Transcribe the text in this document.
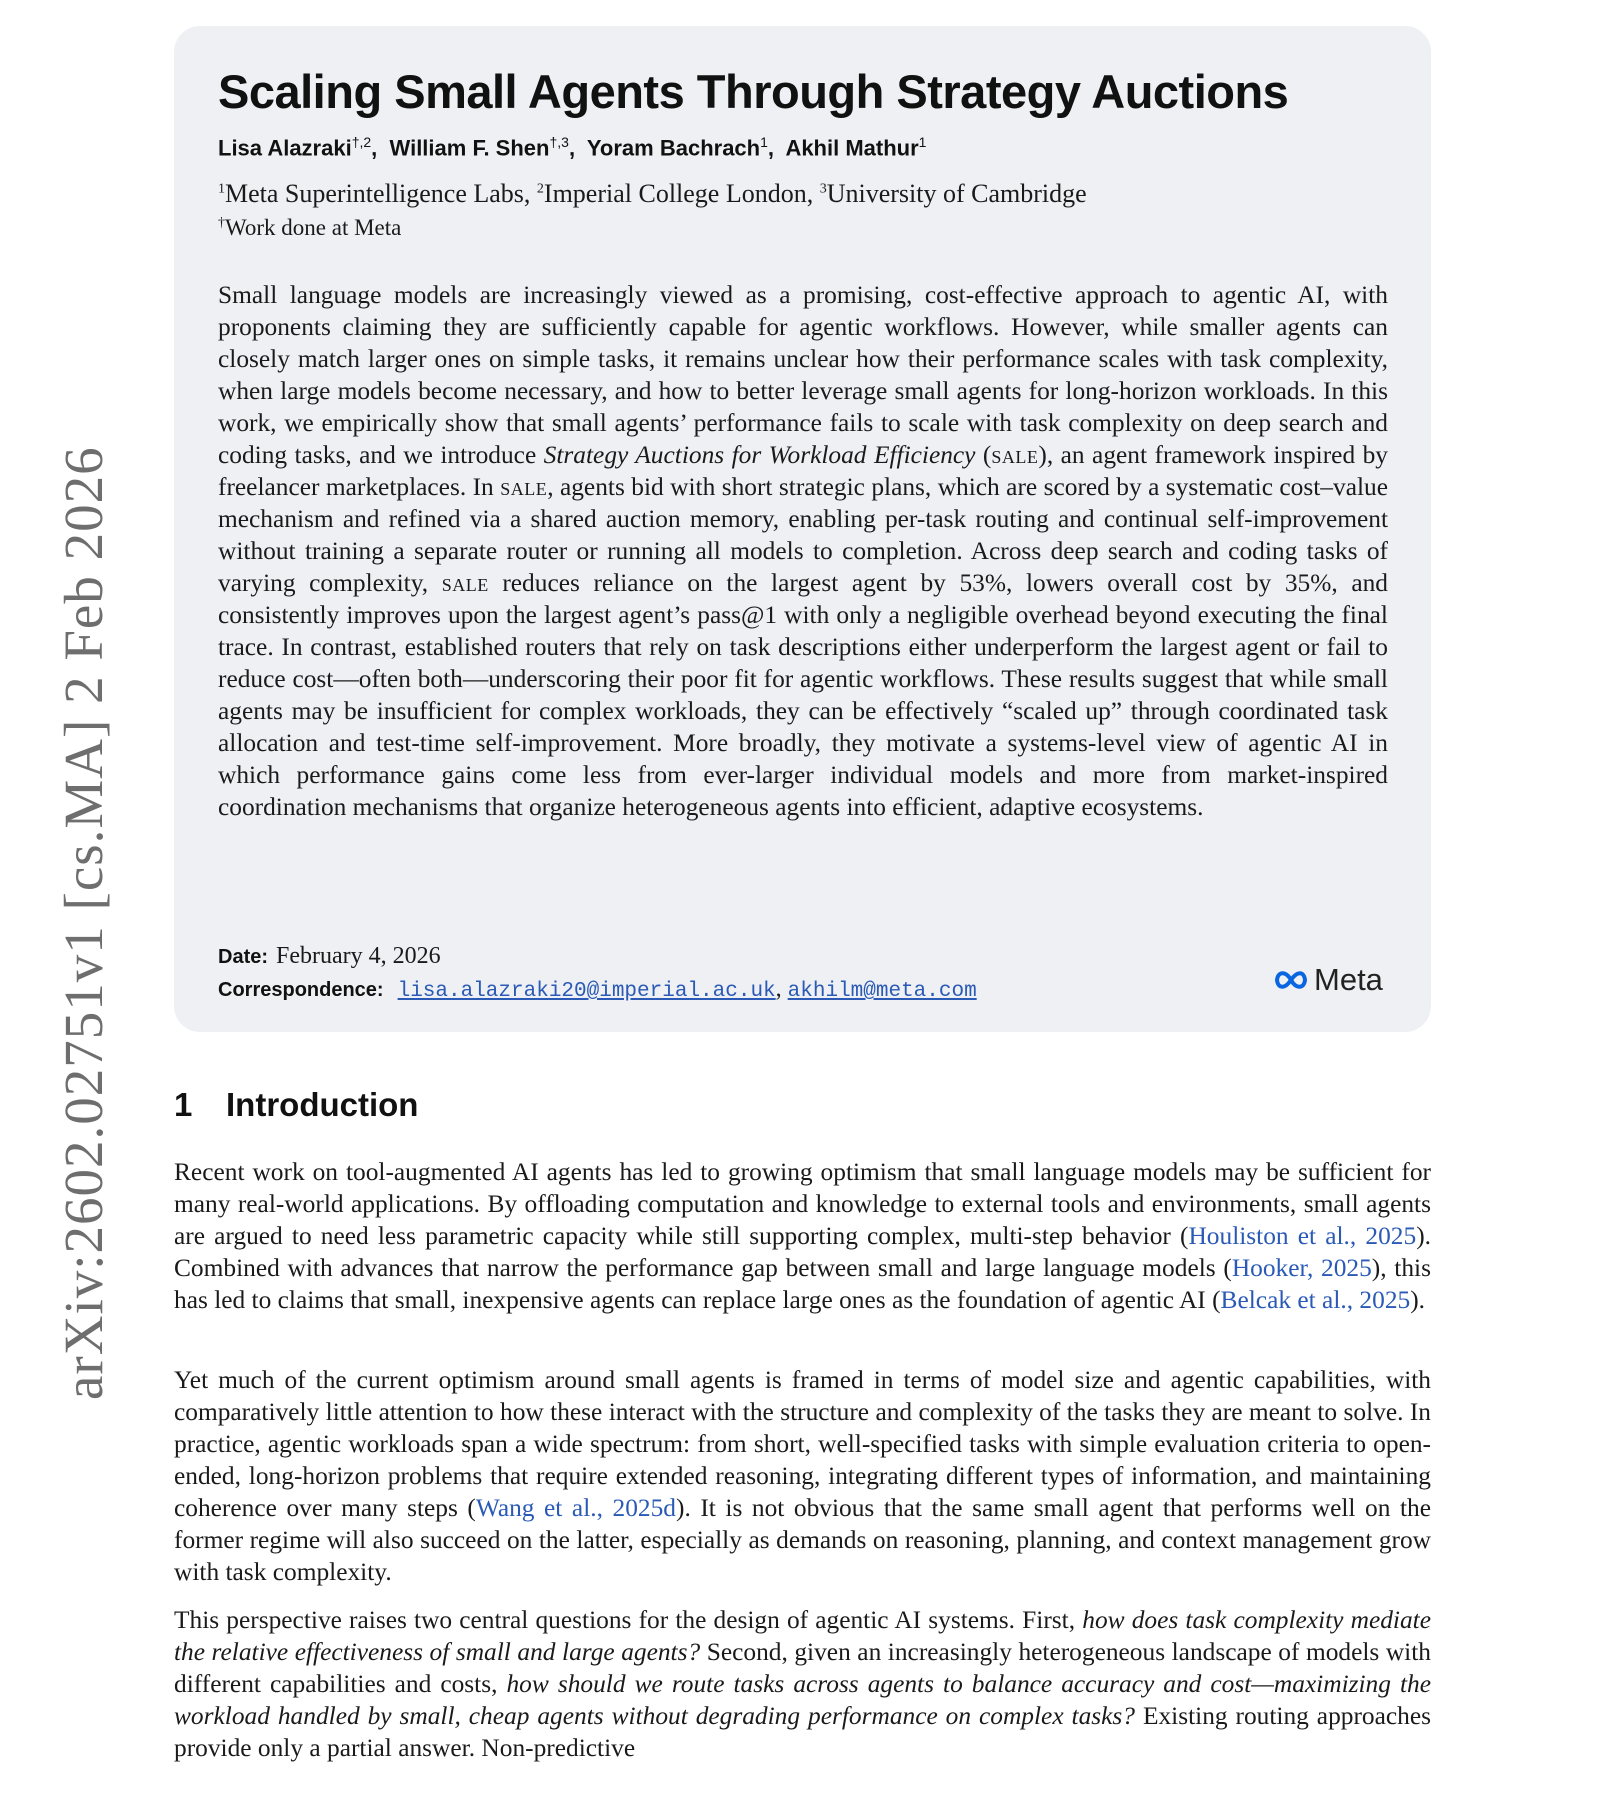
arXiv:2602.02751v1 [cs.MA] 2 Feb 2026
Scaling Small Agents Through Strategy Auctions
Lisa Alazraki$^{\dagger,2}$,  William F. Shen$^{\dagger,3}$,  Yoram Bachrach$^1$,  Akhil Mathur$^1$
$^1$Meta Superintelligence Labs, $^2$Imperial College London, $^3$University of Cambridge
†Work done at Meta
Small language models are increasingly viewed as a promising, cost-effective approach to agentic AI, with proponents claiming they are sufficiently capable for agentic workflows. However, while smaller agents can closely match larger ones on simple tasks, it remains unclear how their performance scales with task complexity, when large models become necessary, and how to better leverage small agents for long-horizon workloads. In this work, we empirically show that small agents’ performance fails to scale with task complexity on deep search and coding tasks, and we introduce Strategy Auctions for Workload Efficiency (sale), an agent framework inspired by freelancer marketplaces. In sale, agents bid with short strategic plans, which are scored by a systematic cost–value mechanism and refined via a shared auction memory, enabling per-task routing and continual self-improvement without training a separate router or running all models to completion. Across deep search and coding tasks of varying complexity, sale reduces reliance on the largest agent by 53%, lowers overall cost by 35%, and consistently improves upon the largest agent’s pass@1 with only a negligible overhead beyond executing the final trace. In contrast, established routers that rely on task descriptions either underperform the largest agent or fail to reduce cost—often both—underscoring their poor fit for agentic workflows. These results suggest that while small agents may be insufficient for complex workloads, they can be effectively “scaled up” through coordinated task allocation and test-time self-improvement. More broadly, they motivate a systems-level view of agentic AI in which performance gains come less from ever-larger individual models and more from market-inspired coordination mechanisms that organize heterogeneous agents into efficient, adaptive ecosystems.
Date: February 4, 2026
Correspondence: lisa.alazraki20@imperial.ac.uk, akhilm@meta.com	Meta
1 Introduction
Recent work on tool-augmented AI agents has led to growing optimism that small language models may be sufficient for many real-world applications. By offloading computation and knowledge to external tools and environments, small agents are argued to need less parametric capacity while still supporting complex, multi-step behavior (Houliston et al., 2025). Combined with advances that narrow the performance gap between small and large language models (Hooker, 2025), this has led to claims that small, inexpensive agents can replace large ones as the foundation of agentic AI (Belcak et al., 2025).
Yet much of the current optimism around small agents is framed in terms of model size and agentic capabilities, with comparatively little attention to how these interact with the structure and complexity of the tasks they are meant to solve. In practice, agentic workloads span a wide spectrum: from short, well-specified tasks with simple evaluation criteria to open-ended, long-horizon problems that require extended reasoning, integrating different types of information, and maintaining coherence over many steps (Wang et al., 2025d). It is not obvious that the same small agent that performs well on the former regime will also succeed on the latter, especially as demands on reasoning, planning, and context management grow with task complexity.
This perspective raises two central questions for the design of agentic AI systems. First, how does task complexity mediate the relative effectiveness of small and large agents? Second, given an increasingly heterogeneous landscape of models with different capabilities and costs, how should we route tasks across agents to balance accuracy and cost—maximizing the workload handled by small, cheap agents without degrading performance on complex tasks? Existing routing approaches provide only a partial answer. Non-predictive
